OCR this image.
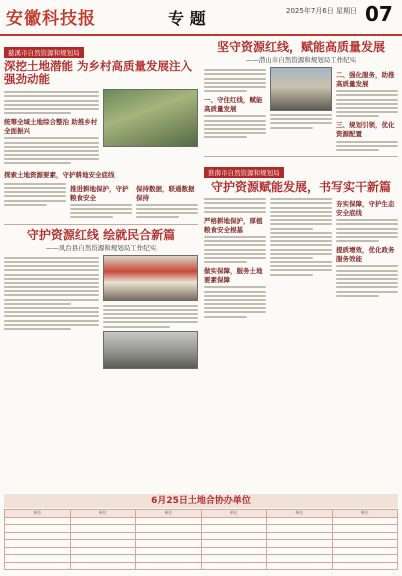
安徽科技报	专 题	2025年7月6日 星期日 07
慈溪市自然资源和规划局
深挖土地潜能 为乡村高质量发展注入强劲动能
统筹全域土地综合整治 助推乡村全面振兴
探索土地资源要素，守护耕地安全底线
推进耕地保护，守护粮食安全
保持数据，联通数据保持
守护资源红线 绘就民合新篇
——凤台县自然资源和规划局工作纪实
坚守资源红线，赋能高质量发展
——潜山市自然资源和规划局工作纪实
一、守住红线，赋能高质量发展
二、强化服务，助推高质量发展
三、规划引领，优化资源配置
淮南市自然资源和规划局
守护资源赋能发展，书写实干新篇
严格耕地保护，厚植粮食安全根基
做实保障，服务土地要素保障
夯实保障，守护生态安全底线
提质增效，优化政务服务效能
6月25日土地合协办单位
单位	单位	单位	单位	单位	单位
